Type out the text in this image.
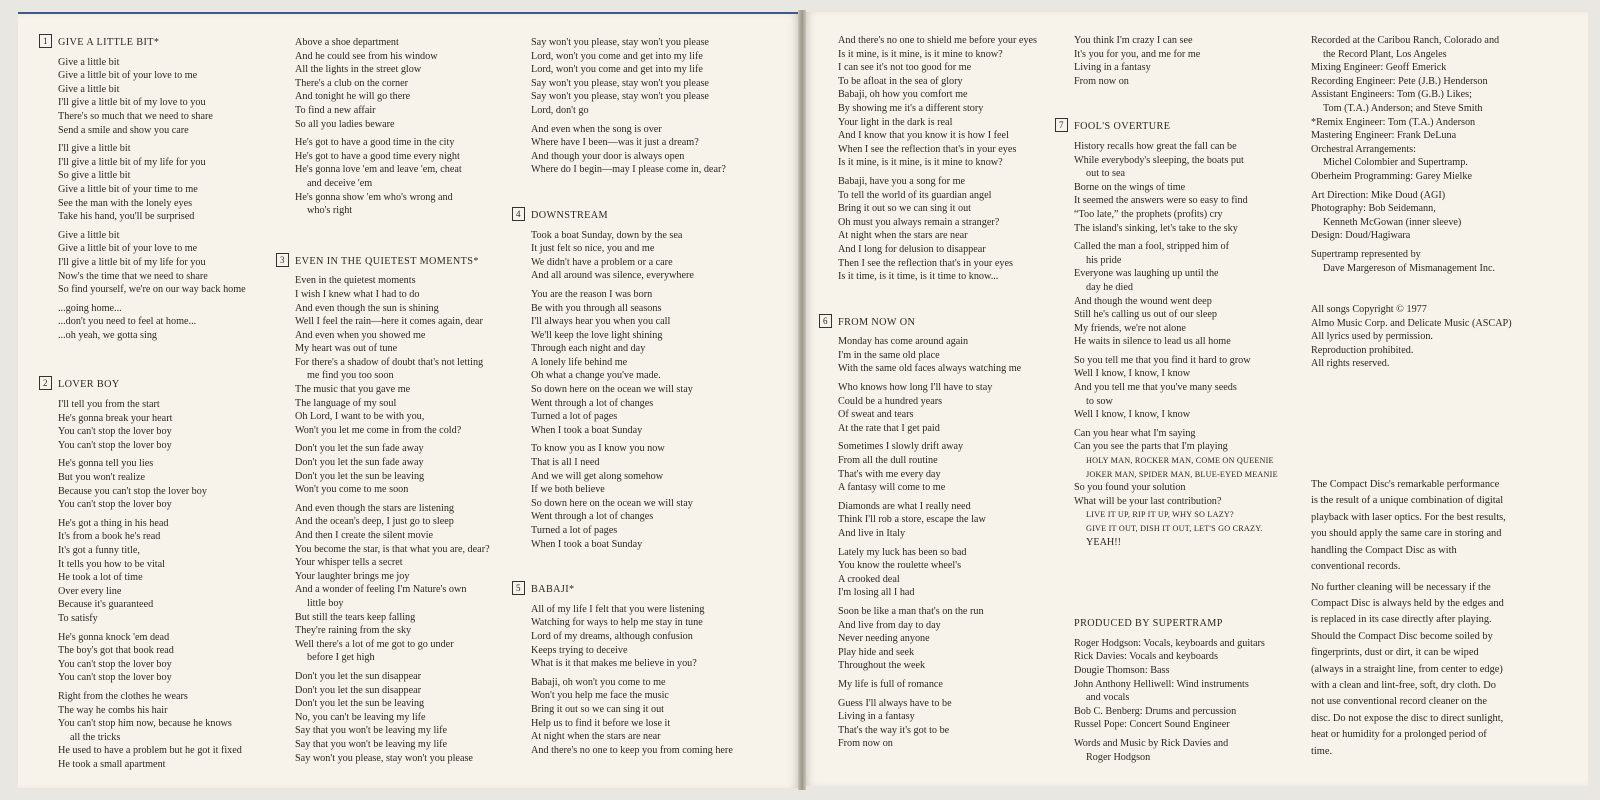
1 GIVE A LITTLE BIT*
Give a little bit
Give a little bit of your love to me
Give a little bit
I'll give a little bit of my love to you
There's so much that we need to share
Send a smile and show you care
I'll give a little bit
I'll give a little bit of my life for you
So give a little bit
Give a little bit of your time to me
See the man with the lonely eyes
Take his hand, you'll be surprised
Give a little bit
Give a little bit of your love to me
I'll give a little bit of my life for you
Now's the time that we need to share
So find yourself, we're on our way back home
...going home...
...don't you need to feel at home...
...oh yeah, we gotta sing
2 LOVER BOY
I'll tell you from the start
He's gonna break your heart
You can't stop the lover boy
You can't stop the lover boy
He's gonna tell you lies
But you won't realize
Because you can't stop the lover boy
You can't stop the lover boy
He's got a thing in his head
It's from a book he's read
It's got a funny title,
It tells you how to be vital
He took a lot of time
Over every line
Because it's guaranteed
To satisfy
He's gonna knock 'em dead
The boy's got that book read
You can't stop the lover boy
You can't stop the lover boy
Right from the clothes he wears
The way he combs his hair
You can't stop him now, because he knows
all the tricks
He used to have a problem but he got it fixed
He took a small apartment
Above a shoe department
And he could see from his window
All the lights in the street glow
There's a club on the corner
And tonight he will go there
To find a new affair
So all you ladies beware
He's got to have a good time in the city
He's got to have a good time every night
He's gonna love 'em and leave 'em, cheat
and deceive 'em
He's gonna show 'em who's wrong and
who's right
3 EVEN IN THE QUIETEST MOMENTS*
Even in the quietest moments
I wish I knew what I had to do
And even though the sun is shining
Well I feel the rain—here it comes again, dear
And even when you showed me
My heart was out of tune
For there's a shadow of doubt that's not letting
me find you too soon
The music that you gave me
The language of my soul
Oh Lord, I want to be with you,
Won't you let me come in from the cold?
Don't you let the sun fade away
Don't you let the sun fade away
Don't you let the sun be leaving
Won't you come to me soon
And even though the stars are listening
And the ocean's deep, I just go to sleep
And then I create the silent movie
You become the star, is that what you are, dear?
Your whisper tells a secret
Your laughter brings me joy
And a wonder of feeling I'm Nature's own
little boy
But still the tears keep falling
They're raining from the sky
Well there's a lot of me got to go under
before I get high
Don't you let the sun disappear
Don't you let the sun disappear
Don't you let the sun be leaving
No, you can't be leaving my life
Say that you won't be leaving my life
Say that you won't be leaving my life
Say won't you please, stay won't you please
Say won't you please, stay won't you please
Lord, won't you come and get into my life
Lord, won't you come and get into my life
Say won't you please, stay won't you please
Say won't you please, stay won't you please
Lord, don't go
And even when the song is over
Where have I been—was it just a dream?
And though your door is always open
Where do I begin—may I please come in, dear?
4 DOWNSTREAM
Took a boat Sunday, down by the sea
It just felt so nice, you and me
We didn't have a problem or a care
And all around was silence, everywhere
You are the reason I was born
Be with you through all seasons
I'll always hear you when you call
We'll keep the love light shining
Through each night and day
A lonely life behind me
Oh what a change you've made.
So down here on the ocean we will stay
Went through a lot of changes
Turned a lot of pages
When I took a boat Sunday
To know you as I know you now
That is all I need
And we will get along somehow
If we both believe
So down here on the ocean we will stay
Went through a lot of changes
Turned a lot of pages
When I took a boat Sunday
5 BABAJI*
All of my life I felt that you were listening
Watching for ways to help me stay in tune
Lord of my dreams, although confusion
Keeps trying to deceive
What is it that makes me believe in you?
Babaji, oh won't you come to me
Won't you help me face the music
Bring it out so we can sing it out
Help us to find it before we lose it
At night when the stars are near
And there's no one to keep you from coming here
And there's no one to shield me before your eyes
Is it mine, is it mine, is it mine to know?
I can see it's not too good for me
To be afloat in the sea of glory
Babaji, oh how you comfort me
By showing me it's a different story
Your light in the dark is real
And I know that you know it is how I feel
When I see the reflection that's in your eyes
Is it mine, is it mine, is it mine to know?
Babaji, have you a song for me
To tell the world of its guardian angel
Bring it out so we can sing it out
Oh must you always remain a stranger?
At night when the stars are near
And I long for delusion to disappear
Then I see the reflection that's in your eyes
Is it time, is it time, is it time to know...
6 FROM NOW ON
Monday has come around again
I'm in the same old place
With the same old faces always watching me
Who knows how long I'll have to stay
Could be a hundred years
Of sweat and tears
At the rate that I get paid
Sometimes I slowly drift away
From all the dull routine
That's with me every day
A fantasy will come to me
Diamonds are what I really need
Think I'll rob a store, escape the law
And live in Italy
Lately my luck has been so bad
You know the roulette wheel's
A crooked deal
I'm losing all I had
Soon be like a man that's on the run
And live from day to day
Never needing anyone
Play hide and seek
Throughout the week
My life is full of romance
Guess I'll always have to be
Living in a fantasy
That's the way it's got to be
From now on
You think I'm crazy I can see
It's you for you, and me for me
Living in a fantasy
From now on
7 FOOL'S OVERTURE
History recalls how great the fall can be
While everybody's sleeping, the boats put
out to sea
Borne on the wings of time
It seemed the answers were so easy to find
“Too late,” the prophets (profits) cry
The island's sinking, let's take to the sky
Called the man a fool, stripped him of
his pride
Everyone was laughing up until the
day he died
And though the wound went deep
Still he's calling us out of our sleep
My friends, we're not alone
He waits in silence to lead us all home
So you tell me that you find it hard to grow
Well I know, I know, I know
And you tell me that you've many seeds
to sow
Well I know, I know, I know
Can you hear what I'm saying
Can you see the parts that I'm playing
HOLY MAN, ROCKER MAN, COME ON QUEENIE
JOKER MAN, SPIDER MAN, BLUE-EYED MEANIE
So you found your solution
What will be your last contribution?
LIVE IT UP, RIP IT UP, WHY SO LAZY?
GIVE IT OUT, DISH IT OUT, LET'S GO CRAZY.
YEAH!!
PRODUCED BY SUPERTRAMP
Roger Hodgson: Vocals, keyboards and guitars
Rick Davies: Vocals and keyboards
Dougie Thomson: Bass
John Anthony Helliwell: Wind instruments
and vocals
Bob C. Benberg: Drums and percussion
Russel Pope: Concert Sound Engineer
Words and Music by Rick Davies and
Roger Hodgson
Recorded at the Caribou Ranch, Colorado and
the Record Plant, Los Angeles
Mixing Engineer: Geoff Emerick
Recording Engineer: Pete (J.B.) Henderson
Assistant Engineers: Tom (G.B.) Likes;
Tom (T.A.) Anderson; and Steve Smith
*Remix Engineer: Tom (T.A.) Anderson
Mastering Engineer: Frank DeLuna
Orchestral Arrangements:
Michel Colombier and Supertramp.
Oberheim Programming: Garey Mielke
Art Direction: Mike Doud (AGI)
Photography: Bob Seidemann,
Kenneth McGowan (inner sleeve)
Design: Doud/Hagiwara
Supertramp represented by
Dave Margereson of Mismanagement Inc.
All songs Copyright © 1977
Almo Music Corp. and Delicate Music (ASCAP)
All lyrics used by permission.
Reproduction prohibited.
All rights reserved.
The Compact Disc's remarkable performance is the result of a unique combination of digital playback with laser optics. For the best results, you should apply the same care in storing and handling the Compact Disc as with conventional records.
No further cleaning will be necessary if the Compact Disc is always held by the edges and is replaced in its case directly after playing. Should the Compact Disc become soiled by fingerprints, dust or dirt, it can be wiped (always in a straight line, from center to edge) with a clean and lint-free, soft, dry cloth. Do not use conventional record cleaner on the disc. Do not expose the disc to direct sunlight, heat or humidity for a prolonged period of time.
